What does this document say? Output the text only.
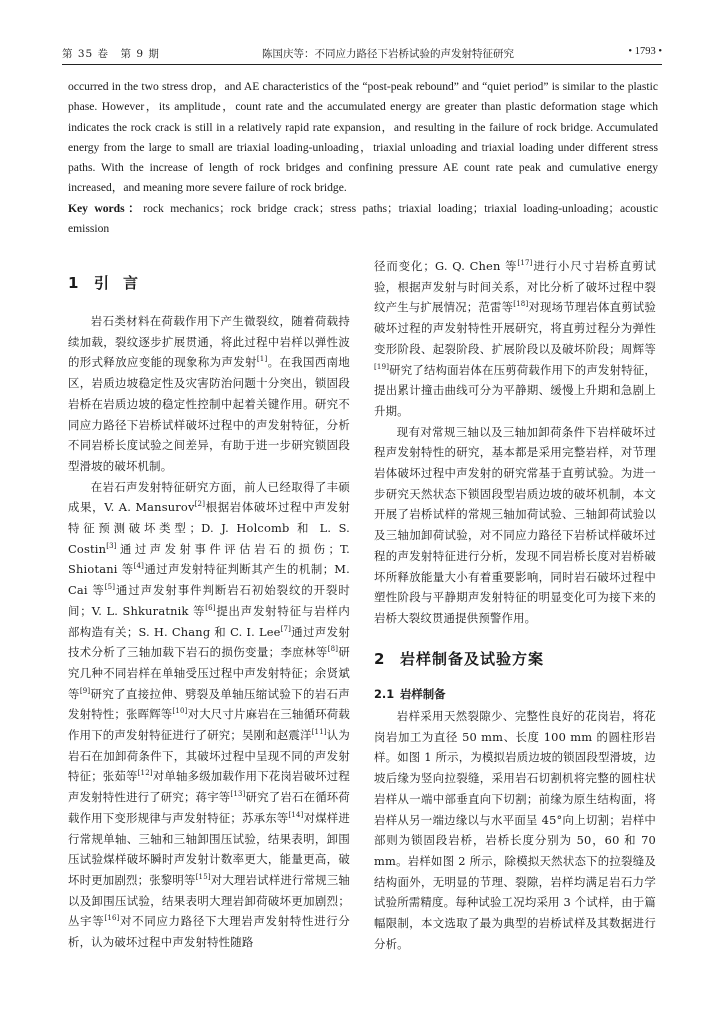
第 35 卷　第 9 期	陈国庆等：不同应力路径下岩桥试验的声发射特征研究	• 1793 •

occurred in the two stress drop，and AE characteristics of the “post-peak rebound” and “quiet period” is similar to the plastic phase. However，its amplitude，count rate and the accumulated energy are greater than plastic deformation stage which indicates the rock crack is still in a relatively rapid rate expansion，and resulting in the failure of rock bridge. Accumulated energy from the large to small are triaxial loading-unloading，triaxial unloading and triaxial loading under different stress paths. With the increase of length of rock bridges and confining pressure AE count rate peak and cumulative energy increased，and meaning more severe failure of rock bridge.

Key words：rock mechanics；rock bridge crack；stress paths；triaxial loading；triaxial loading-unloading；acoustic emission

1 引言

岩石类材料在荷载作用下产生微裂纹，随着荷载持续加载，裂纹逐步扩展贯通，将此过程中岩样以弹性波的形式释放应变能的现象称为声发射[1]。在我国西南地区，岩质边坡稳定性及灾害防治问题十分突出，锁固段岩桥在岩质边坡的稳定性控制中起着关键作用。研究不同应力路径下岩桥试样破坏过程中的声发射特征，分析不同岩桥长度试验之间差异，有助于进一步研究锁固段型滑坡的破坏机制。

在岩石声发射特征研究方面，前人已经取得了丰硕成果，V. A. Mansurov[2]根据岩体破坏过程中声发射特征预测破坏类型；D. J. Holcomb 和 L. S. Costin[3]通过声发射事件评估岩石的损伤；T. Shiotani 等[4]通过声发射特征判断其产生的机制；M. Cai 等[5]通过声发射事件判断岩石初始裂纹的开裂时间；V. L. Shkuratnik 等[6]提出声发射特征与岩样内部构造有关；S. H. Chang 和 C. I. Lee[7]通过声发射技术分析了三轴加载下岩石的损伤变量；李庶林等[8]研究几种不同岩样在单轴受压过程中声发射特征；余贤斌等[9]研究了直接拉伸、劈裂及单轴压缩试验下的岩石声发射特性；张晖辉等[10]对大尺寸片麻岩在三轴循环荷载作用下的声发射特征进行了研究；吴刚和赵震洋[11]认为岩石在加卸荷条件下，其破坏过程中呈现不同的声发射特征；张茹等[12]对单轴多级加载作用下花岗岩破坏过程声发射特性进行了研究；蒋宇等[13]研究了岩石在循环荷载作用下变形规律与声发射特征；苏承东等[14]对煤样进行常规单轴、三轴和三轴卸围压试验，结果表明，卸围压试验煤样破坏瞬时声发射计数率更大，能量更高，破坏时更加剧烈；张黎明等[15]对大理岩试样进行常规三轴以及卸围压试验，结果表明大理岩卸荷破坏更加剧烈；丛宇等[16]对不同应力路径下大理岩声发射特性进行分析，认为破坏过程中声发射特性随路

径而变化；G. Q. Chen 等[17]进行小尺寸岩桥直剪试验，根据声发射与时间关系，对比分析了破坏过程中裂纹产生与扩展情况；范雷等[18]对现场节理岩体直剪试验破坏过程的声发射特性开展研究，将直剪过程分为弹性变形阶段、起裂阶段、扩展阶段以及破坏阶段；周辉等[19]研究了结构面岩体在压剪荷载作用下的声发射特征，提出累计撞击曲线可分为平静期、缓慢上升期和急剧上升期。

现有对常规三轴以及三轴加卸荷条件下岩样破坏过程声发射特性的研究，基本都是采用完整岩样，对节理岩体破坏过程中声发射的研究常基于直剪试验。为进一步研究天然状态下锁固段型岩质边坡的破坏机制，本文开展了岩桥试样的常规三轴加荷试验、三轴卸荷试验以及三轴加卸荷试验，对不同应力路径下岩桥试样破坏过程的声发射特征进行分析，发现不同岩桥长度对岩桥破坏所释放能量大小有着重要影响，同时岩石破坏过程中塑性阶段与平静期声发射特征的明显变化可为接下来的岩桥大裂纹贯通提供预警作用。

2 岩样制备及试验方案
2.1 岩样制备

岩样采用天然裂隙少、完整性良好的花岗岩，将花岗岩加工为直径 50 mm、长度 100 mm 的圆柱形岩样。如图 1 所示，为模拟岩质边坡的锁固段型滑坡，边坡后缘为竖向拉裂缝，采用岩石切割机将完整的圆柱状岩样从一端中部垂直向下切割；前缘为原生结构面，将岩样从另一端边缘以与水平面呈 45°向上切割；岩样中部则为锁固段岩桥，岩桥长度分别为 50，60 和 70 mm。岩样如图 2 所示，除模拟天然状态下的拉裂缝及结构面外，无明显的节理、裂隙，岩样均满足岩石力学试验所需精度。每种试验工况均采用 3 个试样，由于篇幅限制，本文选取了最为典型的岩桥试样及其数据进行分析。
